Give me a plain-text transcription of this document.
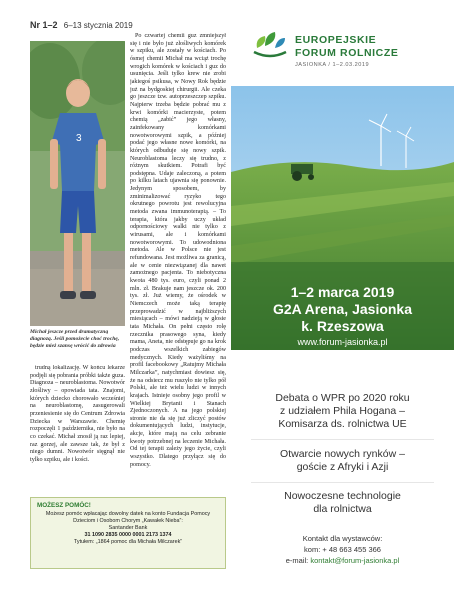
Nr 1–2 6–13 stycznia 2019
3
Michał jeszcze przed dramatyczną diagnozą. Jeśli pomożecie choć trochę, będzie mież szansę wrócić do zdrowia

trudną lokalizację. W końcu lekarze podjęli się pobrania próbki także guza. Diagnoza – neuroblastoma. Nowotwór złośliwy – opowiada tata. Znajomi, których dziecko chorowało wcześniej na neuroblastomę, zasugerowali przeniesienie się do Centrum Zdrowia Dziecka w Warszawie. Chemię rozpoczęli 1 października, nie było na co czekać. Michał znosił ją raz lepiej, raz gorzej, ale zawsze tak, że był z niego dumni. Nowotwór sięgnął nie tylko szpiku, ale i kości.

Po czwartej chemii guz zmniejszył się i nie było już złośliwych komórek w szpiku, ale zostały w kościach. Po ósmej chemii Michał ma wciąż trochę wrogich komórek w kościach i guz do usunięcia. Jeśli tylko krew nie zrobi jakiegoś psikusa, w Nowy Rok będzie już na bydgoskiej chirurgii. Ale czeka go jeszcze tzw. autoprzeszczep szpiku. Najpierw trzeba będzie pobrać mu z krwi komórki macierzyste, potem chemią „zabić” jego własny, zainfekowany komórkami nowotworowymi szpik, a później podać jego własne nowe komórki, na których odbuduje się nowy szpik. Neuroblastoma leczy się trudno, z różnym skutkiem. Potrafi być podstępna. Udaje zaleczoną, a potem po kilku latach ujawnia się ponownie. Jedynym sposobem, by zminimalizować ryzyko tego okrutnego powrotu jest rewolucyjna metoda zwana immunoterapią. – To terapia, która jakby uczy układ odpornościowy walki nie tylko z wirusami, ale i komórkami nowotworowymi. To udowodniona metoda. Ale w Polsce nie jest refundowana. Jest możliwa za granicą, ale w cenie niezwiązanej dla nawet zamożnego pacjenta. To niebotyczna kwota 480 tys. euro, czyli ponad 2 mln. zł. Brakuje nam jeszcze ok. 200 tys. zł. Już wiemy, że ośrodek w Niemczech może taką terapię przeprowadzić w najbliższych miesiącach – mówi nadzieją w głosie tata Michała. On pełni często rolę rzecznika prasowego syna, kiedy mama, Aneta, nie odstępuje go na krok podczas wszelkich zabiegów medycznych. Kiedy ważyliśmy na profil facebookowy „Ratujmy Michała Milczarka”, natychmiast dowiesz się, że na odsiecz mu ruszyło nie tylko pół Polski, ale też wielu ludzi w innych krajach. Istnieje osobny jego profil w Wielkiej Brytanii i Stanach Zjednoczonych. A na jego polskiej stronie nie da się już zliczyć postów dokumentujących ludzi, instytucje, akcje, które mają na celu zebranie kwoty potrzebnej na leczenie Michała. Od tej terapii zależy jego życie, czyli wszystko. Dlatego przyłącz się do pomocy.

MOŻESZ POMÓC!
Możesz pomóc wpłacając dowolny datek na konto Fundacja Pomocy Dzieciom i Osobom Chorym „Kawałek Nieba”:
Santander Bank
31 1090 2835 0000 0001 2173 1374
Tytułem: „1864 pomoc dla Michała Milczarek”
EUROPEJSKIE
FORUM ROLNICZE
JASIONKA / 1–2.03.2019
1–2 marca 2019
G2A Arena, Jasionka
k. Rzeszowa
www.forum-jasionka.pl
Debata o WPR po 2020 roku
z udziałem Phila Hogana –
Komisarza ds. rolnictwa UE
Otwarcie nowych rynków –
goście z Afryki i Azji
Nowoczesne technologie
dla rolnictwa
Kontakt dla wystawców:
kom: + 48 663 455 366
e-mail: kontakt@forum-jasionka.pl
